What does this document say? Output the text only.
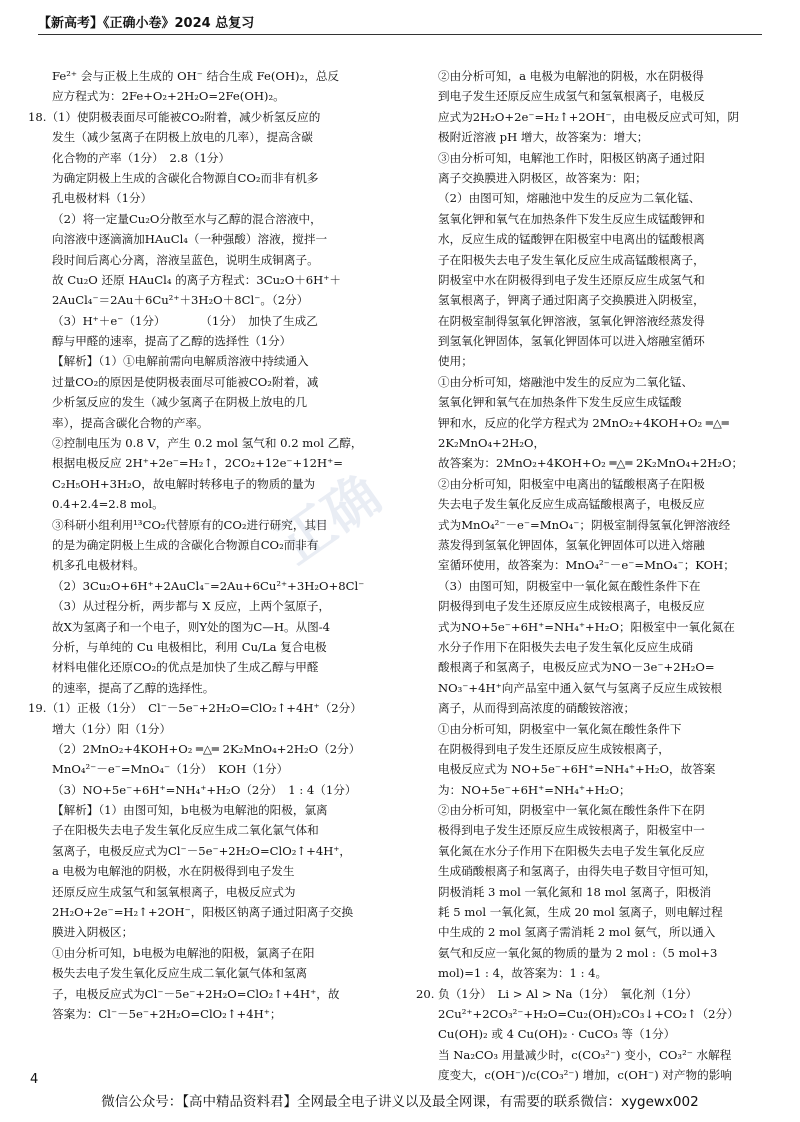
【新高考】《正确小卷》2024 总复习
正确
Fe²⁺ 会与正极上生成的 OH⁻ 结合生成 Fe(OH)₂，总反
应方程式为：2Fe+O₂+2H₂O=2Fe(OH)₂。
18.（1）使阴极表面尽可能被CO₂附着，减少析氢反应的
发生（减少氢离子在阴极上放电的几率），提高含碳
化合物的产率（1分）　2.8（1分）
为确定阴极上生成的含碳化合物源自CO₂而非有机多
孔电极材料（1分）
（2）将一定量Cu₂O分散至水与乙醇的混合溶液中，
向溶液中逐滴滴加HAuCl₄（一种强酸）溶液，搅拌一
段时间后离心分离，溶液呈蓝色，说明生成铜离子。
故 Cu₂O 还原 HAuCl₄ 的离子方程式：3Cu₂O＋6H⁺＋
2AuCl₄⁻＝2Au＋6Cu²⁺＋3H₂O＋8Cl⁻。（2分）
（3）H⁺＋e⁻（1分）　　　　（1分）　加快了生成乙
醇与甲醛的速率，提高了乙醇的选择性（1分）
【解析】（1）①电解前需向电解质溶液中持续通入
过量CO₂的原因是使阴极表面尽可能被CO₂附着，减
少析氢反应的发生（减少氢离子在阴极上放电的几
率），提高含碳化合物的产率。
②控制电压为 0.8 V，产生 0.2 mol 氢气和 0.2 mol 乙醇，
根据电极反应 2H⁺+2e⁻=H₂↑，2CO₂+12e⁻+12H⁺=
C₂H₅OH+3H₂O，故电解时转移电子的物质的量为
0.4+2.4=2.8 mol。
③科研小组利用¹³CO₂代替原有的CO₂进行研究，其目
的是为确定阴极上生成的含碳化合物源自CO₂而非有
机多孔电极材料。
（2）3Cu₂O+6H⁺+2AuCl₄⁻=2Au+6Cu²⁺+3H₂O+8Cl⁻
（3）从过程分析，两步都与 X 反应，上两个氢原子，
故X为氢离子和一个电子，则Y处的图为C—H。从图-4
分析，与单纯的 Cu 电极相比，利用 Cu/La 复合电极
材料电催化还原CO₂的优点是加快了生成乙醇与甲醛
的速率，提高了乙醇的选择性。
19.（1）正极（1分）　Cl⁻－5e⁻+2H₂O=ClO₂↑+4H⁺（2分）
增大（1分）阳（1分）
（2）2MnO₂+4KOH+O₂ ═△═ 2K₂MnO₄+2H₂O（2分）
MnO₄²⁻－e⁻=MnO₄⁻（1分）　KOH（1分）
（3）NO+5e⁻+6H⁺=NH₄⁺+H₂O（2分）　1 : 4（1分）
【解析】（1）由图可知，b电极为电解池的阳极，氯离
子在阳极失去电子发生氧化反应生成二氧化氯气体和
氢离子，电极反应式为Cl⁻－5e⁻+2H₂O=ClO₂↑+4H⁺，
a 电极为电解池的阴极，水在阴极得到电子发生
还原反应生成氢气和氢氧根离子，电极反应式为
2H₂O+2e⁻=H₂↑+2OH⁻，阳极区钠离子通过阳离子交换
膜进入阴极区；
①由分析可知，b电极为电解池的阳极，氯离子在阳
极失去电子发生氧化反应生成二氧化氯气体和氢离
子，电极反应式为Cl⁻－5e⁻+2H₂O=ClO₂↑+4H⁺，故
答案为：Cl⁻－5e⁻+2H₂O=ClO₂↑+4H⁺；
②由分析可知，a 电极为电解池的阴极，水在阴极得
到电子发生还原反应生成氢气和氢氧根离子，电极反
应式为2H₂O+2e⁻=H₂↑+2OH⁻，由电极反应式可知，阴
极附近溶液 pH 增大，故答案为：增大；
③由分析可知，电解池工作时，阳极区钠离子通过阳
离子交换膜进入阴极区，故答案为：阳；
（2）由图可知，熔融池中发生的反应为二氧化锰、
氢氧化钾和氧气在加热条件下发生反应生成锰酸钾和
水，反应生成的锰酸钾在阳极室中电离出的锰酸根离
子在阳极失去电子发生氧化反应生成高锰酸根离子，
阴极室中水在阴极得到电子发生还原反应生成氢气和
氢氧根离子，钾离子通过阳离子交换膜进入阴极室，
在阴极室制得氢氧化钾溶液，氢氧化钾溶液经蒸发得
到氢氧化钾固体，氢氧化钾固体可以进入熔融室循环
使用；
①由分析可知，熔融池中发生的反应为二氧化锰、
氢氧化钾和氧气在加热条件下发生反应生成锰酸
钾和水，反应的化学方程式为 2MnO₂+4KOH+O₂ ═△═
2K₂MnO₄+2H₂O，
故答案为：2MnO₂+4KOH+O₂ ═△═ 2K₂MnO₄+2H₂O；
②由分析可知，阳极室中电离出的锰酸根离子在阳极
失去电子发生氧化反应生成高锰酸根离子，电极反应
式为MnO₄²⁻－e⁻=MnO₄⁻；阴极室制得氢氧化钾溶液经
蒸发得到氢氧化钾固体，氢氧化钾固体可以进入熔融
室循环使用，故答案为：MnO₄²⁻－e⁻=MnO₄⁻；KOH；
（3）由图可知，阴极室中一氧化氮在酸性条件下在
阴极得到电子发生还原反应生成铵根离子，电极反应
式为NO+5e⁻+6H⁺=NH₄⁺+H₂O；阳极室中一氧化氮在
水分子作用下在阳极失去电子发生氧化反应生成硝
酸根离子和氢离子，电极反应式为NO－3e⁻+2H₂O=
NO₃⁻+4H⁺向产品室中通入氨气与氢离子反应生成铵根
离子，从而得到高浓度的硝酸铵溶液；
①由分析可知，阴极室中一氧化氮在酸性条件下
在阴极得到电子发生还原反应生成铵根离子，
电极反应式为 NO+5e⁻+6H⁺=NH₄⁺+H₂O，故答案
为：NO+5e⁻+6H⁺=NH₄⁺+H₂O；
②由分析可知，阴极室中一氧化氮在酸性条件下在阴
极得到电子发生还原反应生成铵根离子，阳极室中一
氧化氮在水分子作用下在阳极失去电子发生氧化反应
生成硝酸根离子和氢离子，由得失电子数目守恒可知，
阴极消耗 3 mol 一氧化氮和 18 mol 氢离子，阳极消
耗 5 mol 一氧化氮，生成 20 mol 氢离子，则电解过程
中生成的 2 mol 氢离子需消耗 2 mol 氨气，所以通入
氨气和反应一氧化氮的物质的量为 2 mol :（5 mol+3
mol)=1 : 4，故答案为：1 : 4。
20. 负（1分）　Li > Al > Na（1分）　氧化剂（1分）
2Cu²⁺+2CO₃²⁻+H₂O=Cu₂(OH)₂CO₃↓+CO₂↑（2分）
Cu(OH)₂ 或 4 Cu(OH)₂ · CuCO₃ 等（1分）
当 Na₂CO₃ 用量减少时，c(CO₃²⁻) 变小，CO₃²⁻ 水解程
度变大，c(OH⁻)/c(CO₃²⁻) 增加，c(OH⁻) 对产物的影响
4
微信公众号：【高中精品资料君】全网最全电子讲义以及最全网课，有需要的联系微信：xygewx002
